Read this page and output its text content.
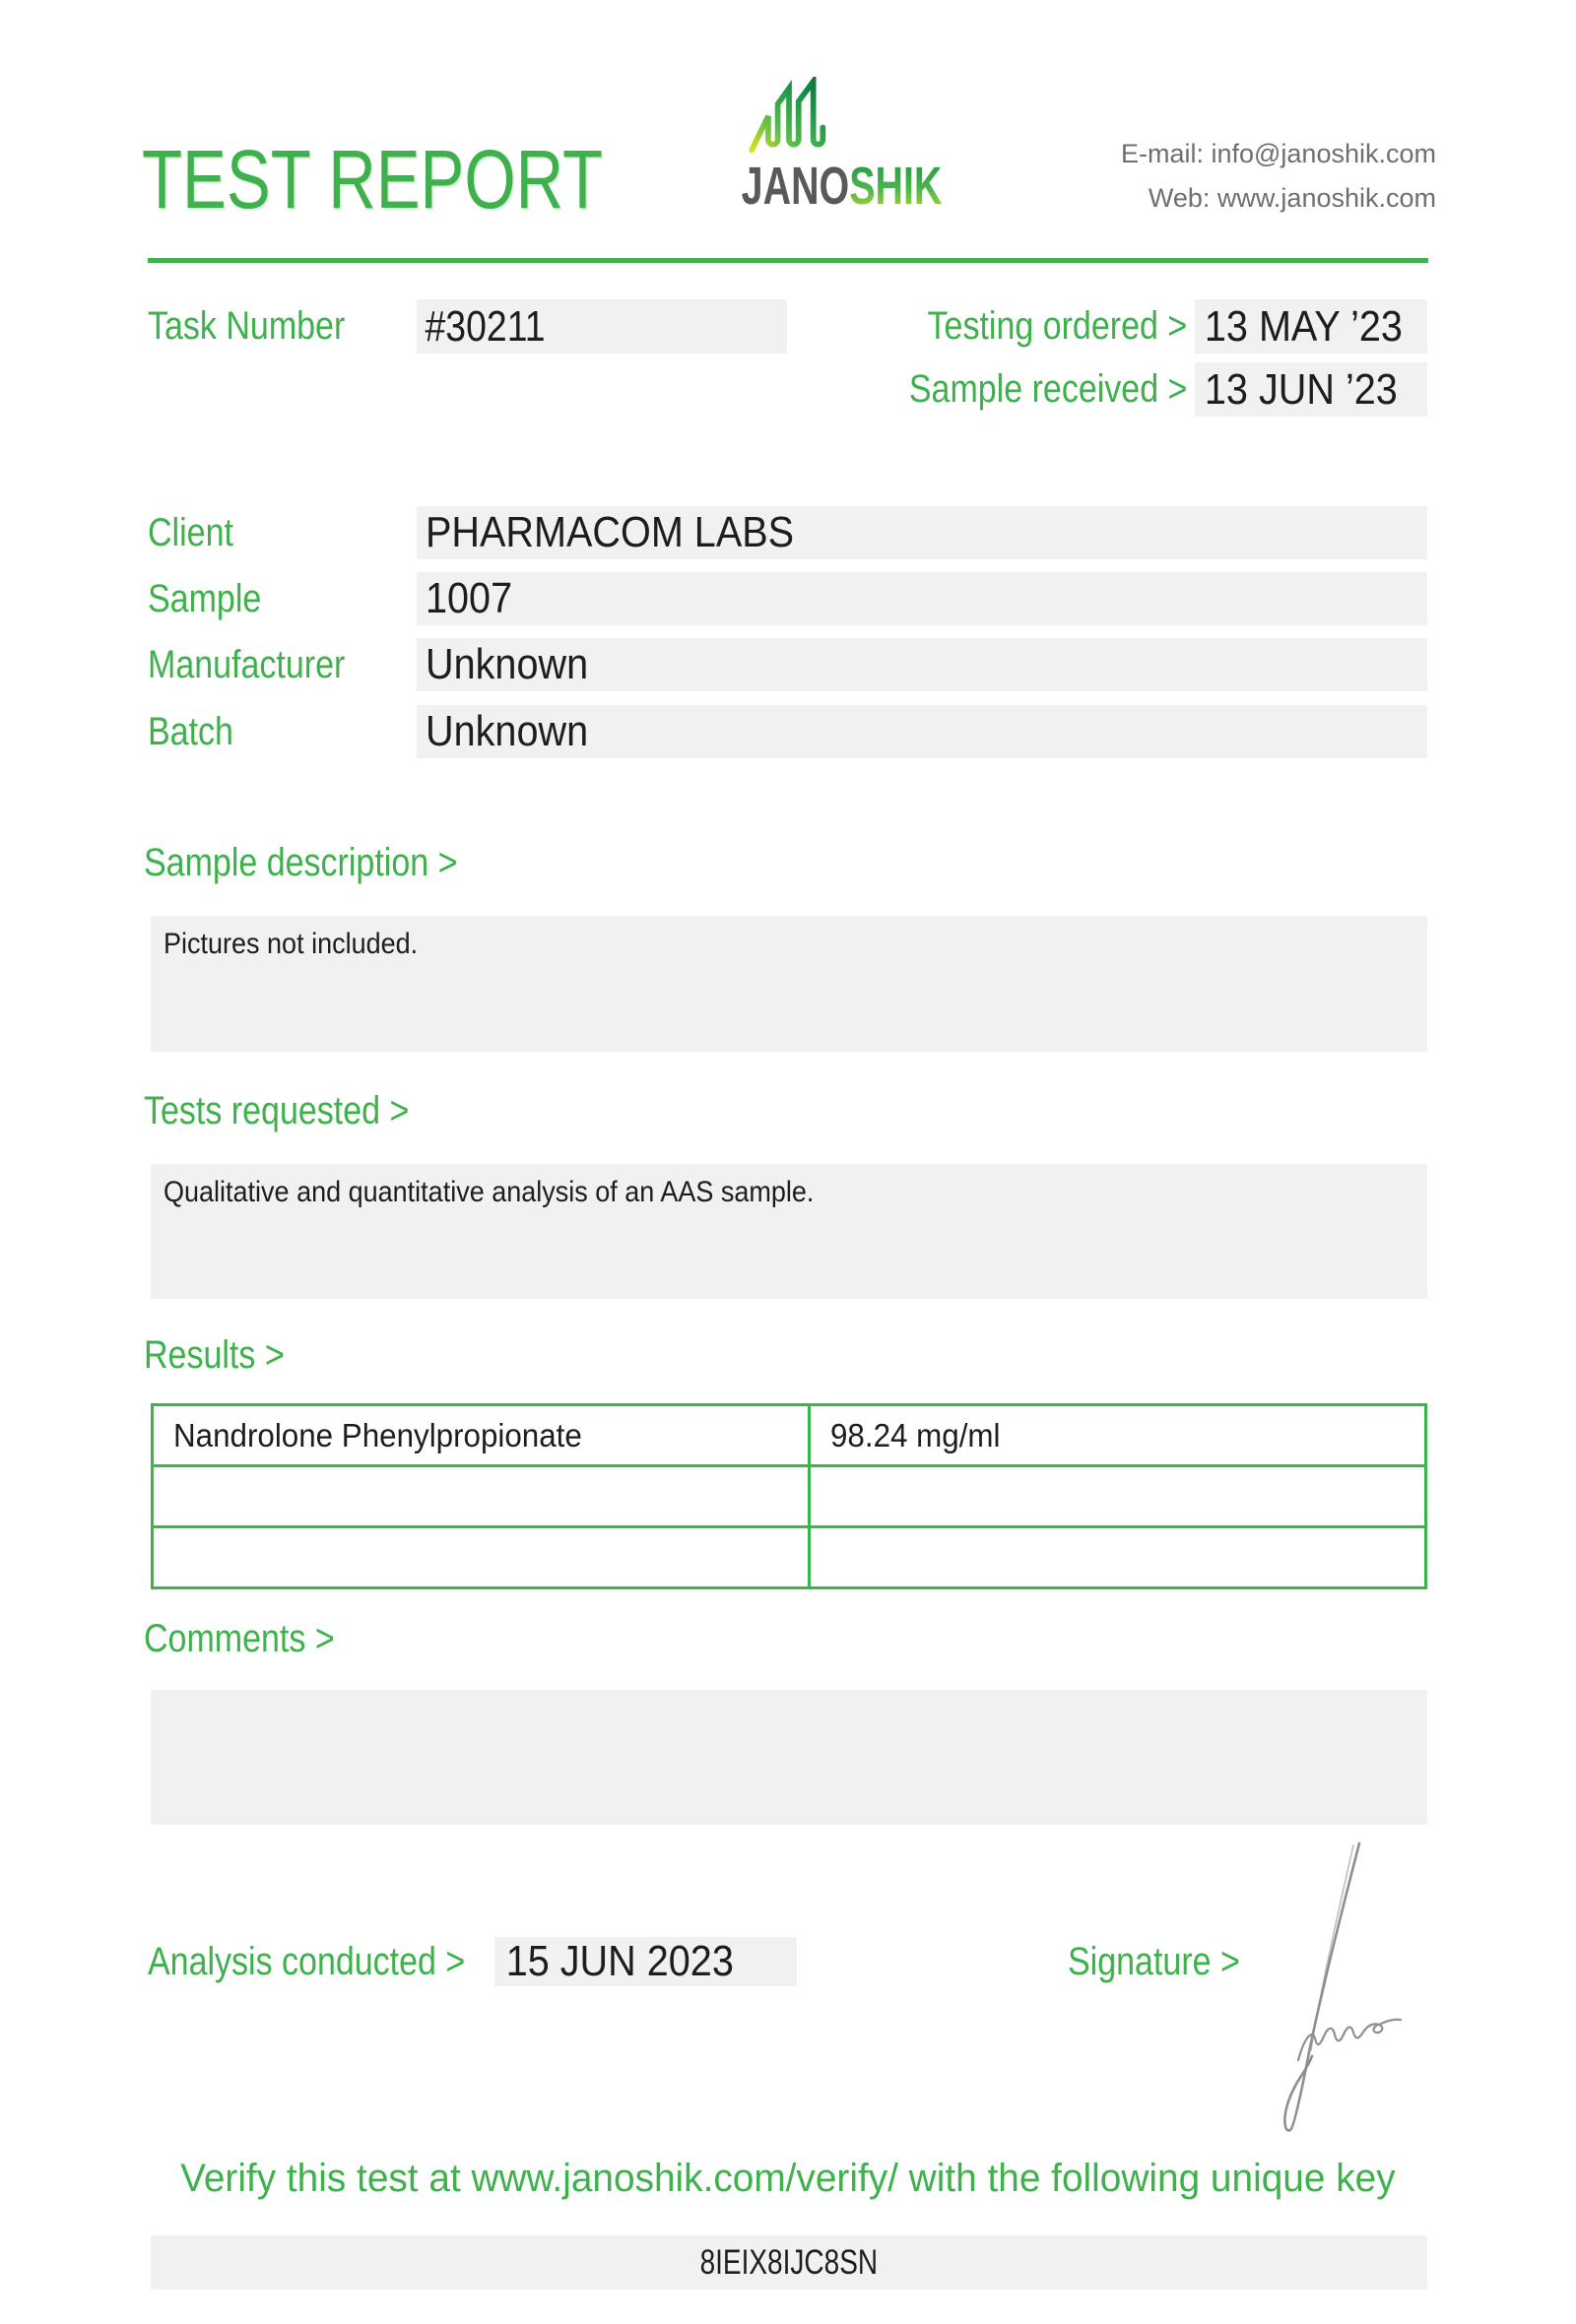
TEST REPORT	JANOSHIK
E-mail: info@janoshik.com
Web: www.janoshik.com
Task Number	#30211	Testing ordered > 13 MAY ’23
Sample received > 13 JUN ’23
Client	PHARMACOM LABS
Sample	1007
Manufacturer	Unknown
Batch	Unknown
Sample description >
Pictures not included.
Tests requested >
Qualitative and quantitative analysis of an AAS sample.
Results >
Nandrolone Phenylpropionate	98.24 mg/ml

Comments >
Analysis conducted > 15 JUN 2023	Signature >
Verify this test at www.janoshik.com/verify/ with the following unique key
8IEIX8IJC8SN
